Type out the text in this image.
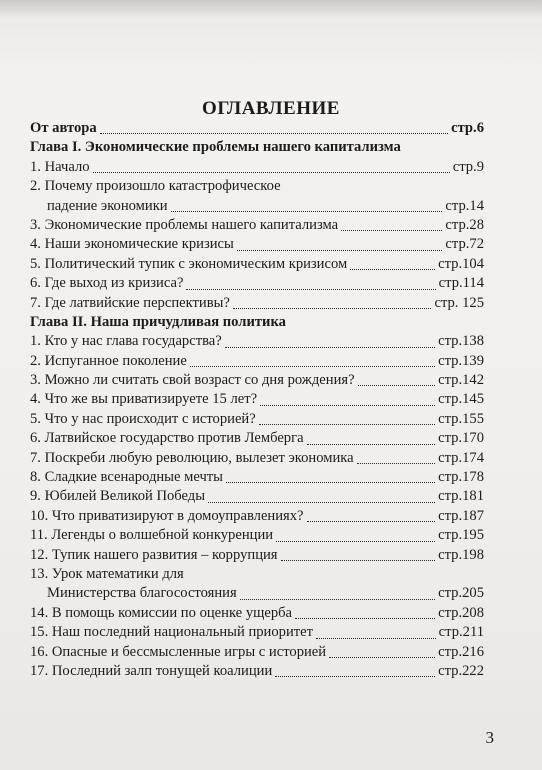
ОГЛАВЛЕНИЕ
От автора	стр.6
Глава I. Экономические проблемы нашего капитализма
1. Начало	стр.9
2. Почему произошло катастрофическое
падение экономики	стр.14
3. Экономические проблемы нашего капитализма	стр.28
4. Наши экономические кризисы	стр.72
5. Политический тупик с экономическим кризисом	стр.104
6. Где выход из кризиса?	стр.114
7. Где латвийские перспективы?	стр. 125
Глава II. Наша причудливая политика
1. Кто у нас глава государства?	стр.138
2. Испуганное поколение	стр.139
3. Можно ли считать свой возраст со дня рождения?	стр.142
4. Что же вы приватизируете 15 лет?	стр.145
5. Что у нас происходит с историей?	стр.155
6. Латвийское государство против Лемберга	стр.170
7. Поскреби любую революцию, вылезет экономика	стр.174
8. Сладкие всенародные мечты	стр.178
9. Юбилей Великой Победы	стр.181
10. Что приватизируют в домоуправлениях?	стр.187
11. Легенды о волшебной конкуренции	стр.195
12. Тупик нашего развития – коррупция	стр.198
13. Урок математики для
Министерства благосостояния	стр.205
14. В помощь комиссии по оценке ущерба	стр.208
15. Наш последний национальный приоритет	стр.211
16. Опасные и бессмысленные игры с историей	стр.216
17. Последний залп тонущей коалиции	стр.222
3
